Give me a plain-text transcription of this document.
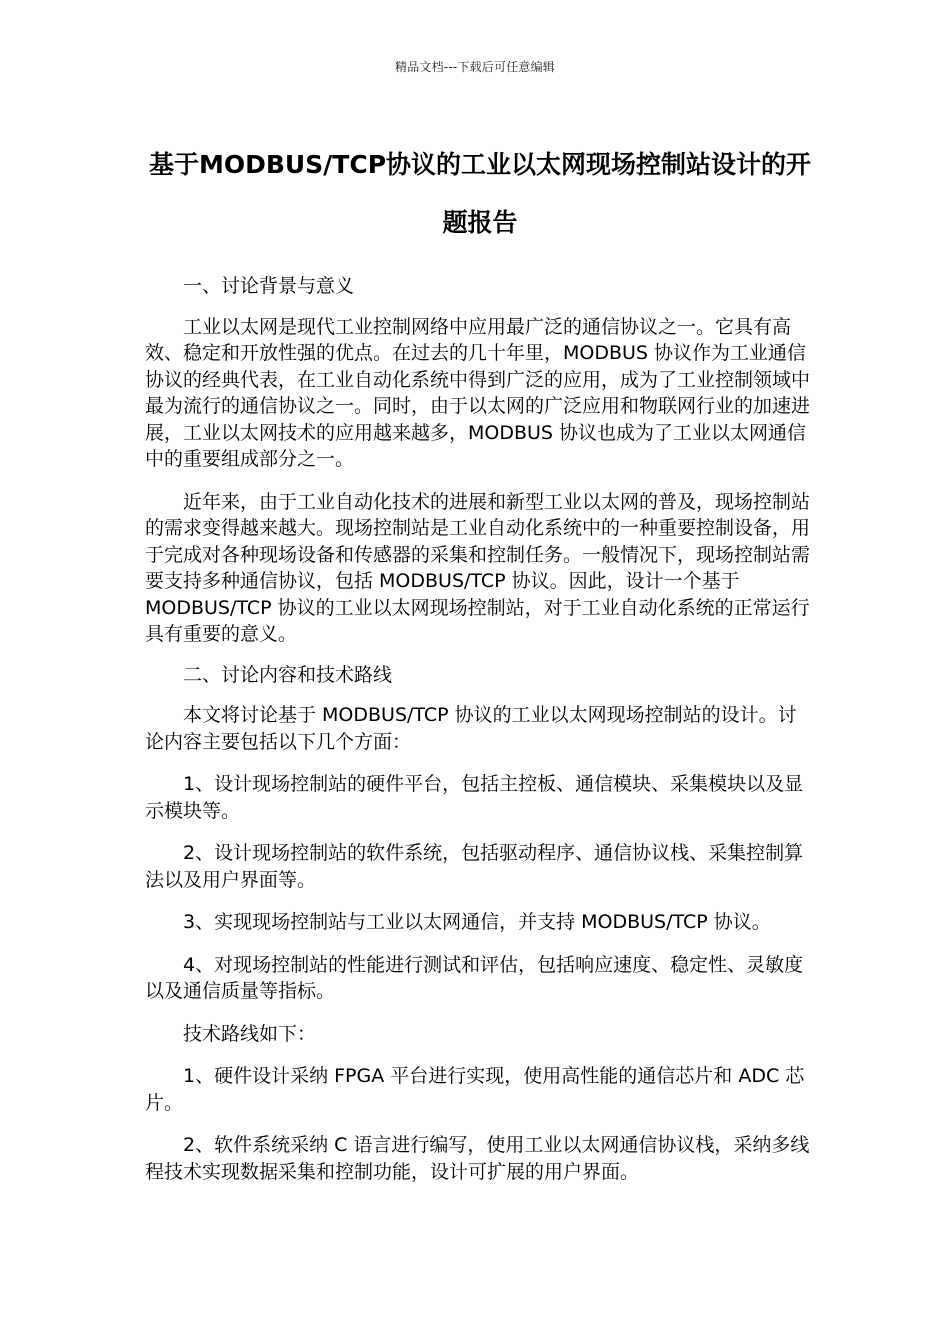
精品文档---下载后可任意编辑
基于MODBUS/TCP协议的工业以太网现场控制站设计的开题报告

一、讨论背景与意义

工业以太网是现代工业控制网络中应用最广泛的通信协议之一。它具有高效、稳定和开放性强的优点。在过去的几十年里，MODBUS 协议作为工业通信协议的经典代表，在工业自动化系统中得到广泛的应用，成为了工业控制领域中最为流行的通信协议之一。同时，由于以太网的广泛应用和物联网行业的加速进展，工业以太网技术的应用越来越多，MODBUS 协议也成为了工业以太网通信中的重要组成部分之一。

近年来，由于工业自动化技术的进展和新型工业以太网的普及，现场控制站的需求变得越来越大。现场控制站是工业自动化系统中的一种重要控制设备，用于完成对各种现场设备和传感器的采集和控制任务。一般情况下，现场控制站需要支持多种通信协议，包括 MODBUS/TCP 协议。因此，设计一个基于 MODBUS/TCP 协议的工业以太网现场控制站，对于工业自动化系统的正常运行具有重要的意义。

二、讨论内容和技术路线

本文将讨论基于 MODBUS/TCP 协议的工业以太网现场控制站的设计。讨论内容主要包括以下几个方面：

1、设计现场控制站的硬件平台，包括主控板、通信模块、采集模块以及显示模块等。

2、设计现场控制站的软件系统，包括驱动程序、通信协议栈、采集控制算法以及用户界面等。

3、实现现场控制站与工业以太网通信，并支持 MODBUS/TCP 协议。

4、对现场控制站的性能进行测试和评估，包括响应速度、稳定性、灵敏度以及通信质量等指标。

技术路线如下：

1、硬件设计采纳 FPGA 平台进行实现，使用高性能的通信芯片和 ADC 芯片。

2、软件系统采纳 C 语言进行编写，使用工业以太网通信协议栈，采纳多线程技术实现数据采集和控制功能，设计可扩展的用户界面。
